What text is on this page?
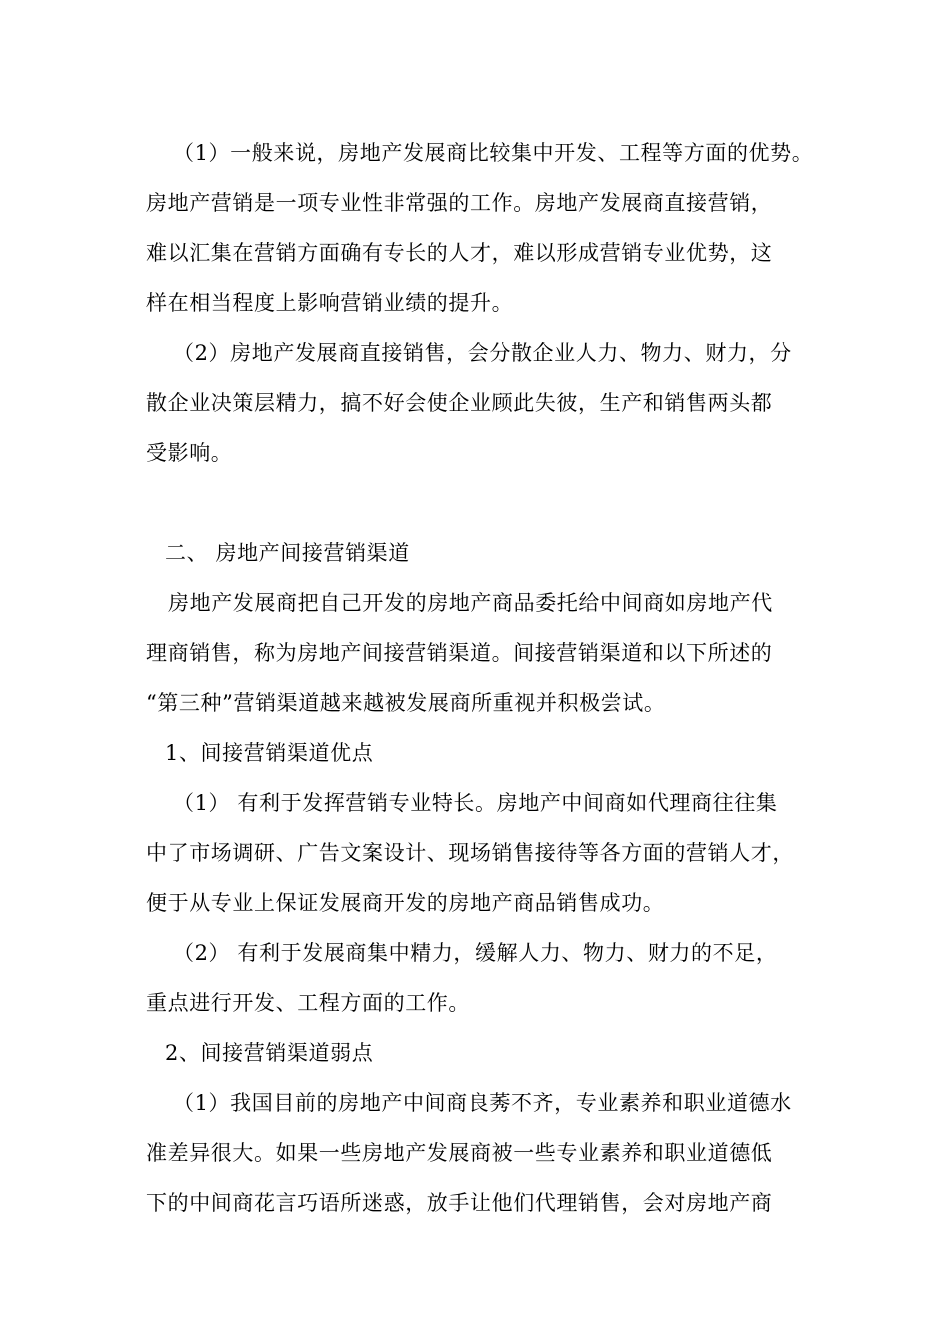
（1）一般来说，房地产发展商比较集中开发、工程等方面的优势。
房地产营销是一项专业性非常强的工作。房地产发展商直接营销，
难以汇集在营销方面确有专长的人才，难以形成营销专业优势，这
样在相当程度上影响营销业绩的提升。
（2）房地产发展商直接销售，会分散企业人力、物力、财力，分
散企业决策层精力，搞不好会使企业顾此失彼，生产和销售两头都
受影响。
二、 房地产间接营销渠道
房地产发展商把自己开发的房地产商品委托给中间商如房地产代
理商销售，称为房地产间接营销渠道。间接营销渠道和以下所述的
“第三种”营销渠道越来越被发展商所重视并积极尝试。
1、间接营销渠道优点
（1） 有利于发挥营销专业特长。房地产中间商如代理商往往集
中了市场调研、广告文案设计、现场销售接待等各方面的营销人才，
便于从专业上保证发展商开发的房地产商品销售成功。
（2） 有利于发展商集中精力，缓解人力、物力、财力的不足，
重点进行开发、工程方面的工作。
2、间接营销渠道弱点
（1）我国目前的房地产中间商良莠不齐，专业素养和职业道德水
准差异很大。如果一些房地产发展商被一些专业素养和职业道德低
下的中间商花言巧语所迷惑，放手让他们代理销售，会对房地产商
